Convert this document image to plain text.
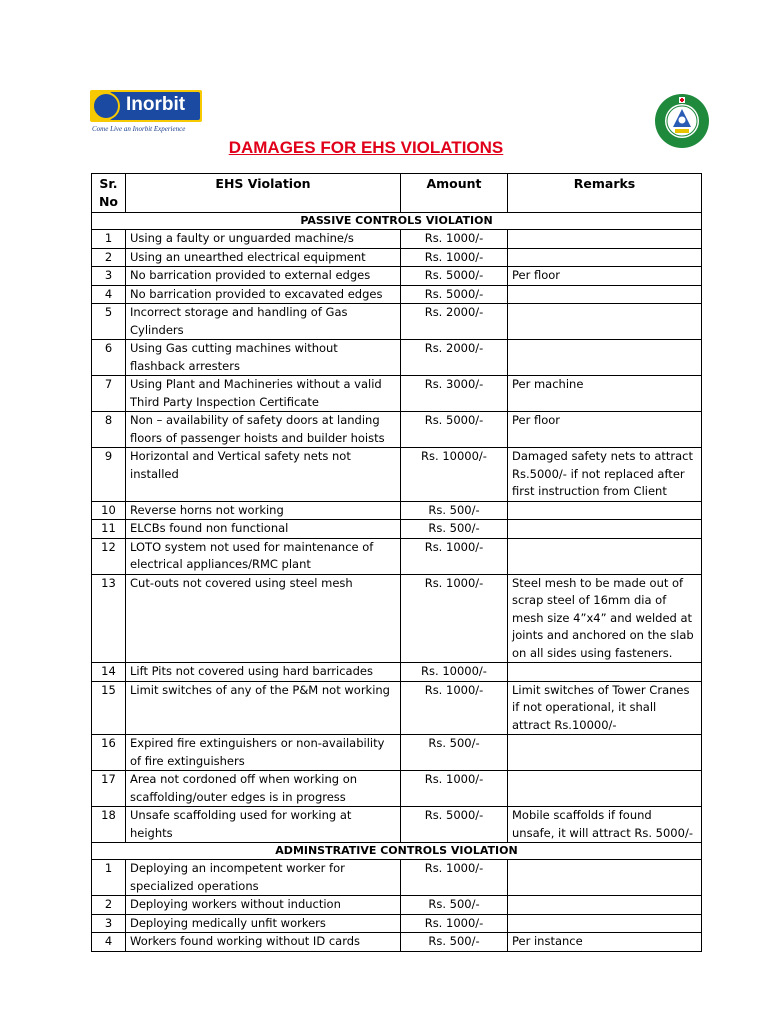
Inorbit
Come Live an Inorbit Experience
DAMAGES FOR EHS VIOLATIONS
Sr. No	EHS Violation	Amount	Remarks
PASSIVE CONTROLS VIOLATION			
1	Using a faulty or unguarded machine/s	Rs. 1000/-	
2	Using an unearthed electrical equipment	Rs. 1000/-	
3	No barrication provided to external edges	Rs. 5000/-	Per floor
4	No barrication provided to excavated edges	Rs. 5000/-	
5	Incorrect storage and handling of Gas Cylinders	Rs. 2000/-	
6	Using Gas cutting machines without flashback arresters	Rs. 2000/-	
7	Using Plant and Machineries without a valid Third Party Inspection Certificate	Rs. 3000/-	Per machine
8	Non – availability of safety doors at landing floors of passenger hoists and builder hoists	Rs. 5000/-	Per floor
9	Horizontal and Vertical safety nets not installed	Rs. 10000/-	Damaged safety nets to attract Rs.5000/- if not replaced after first instruction from Client
10	Reverse horns not working	Rs. 500/-	
11	ELCBs found non functional	Rs. 500/-	
12	LOTO system not used for maintenance of electrical appliances/RMC plant	Rs. 1000/-	
13	Cut-outs not covered using steel mesh	Rs. 1000/-	Steel mesh to be made out of scrap steel of 16mm dia of mesh size 4”x4” and welded at joints and anchored on the slab on all sides using fasteners.
14	Lift Pits not covered using hard barricades	Rs. 10000/-	
15	Limit switches of any of the P&M not working	Rs. 1000/-	Limit switches of Tower Cranes if not operational, it shall attract Rs.10000/-
16	Expired fire extinguishers or non-availability of fire extinguishers	Rs. 500/-	
17	Area not cordoned off when working on scaffolding/outer edges is in progress	Rs. 1000/-	
18	Unsafe scaffolding used for working at heights	Rs. 5000/-	Mobile scaffolds if found unsafe, it will attract Rs. 5000/-
ADMINSTRATIVE CONTROLS VIOLATION			
1	Deploying an incompetent worker for specialized operations	Rs. 1000/-	
2	Deploying workers without induction	Rs. 500/-	
3	Deploying medically unfit workers	Rs. 1000/-	
4	Workers found working without ID cards	Rs. 500/-	Per instance
